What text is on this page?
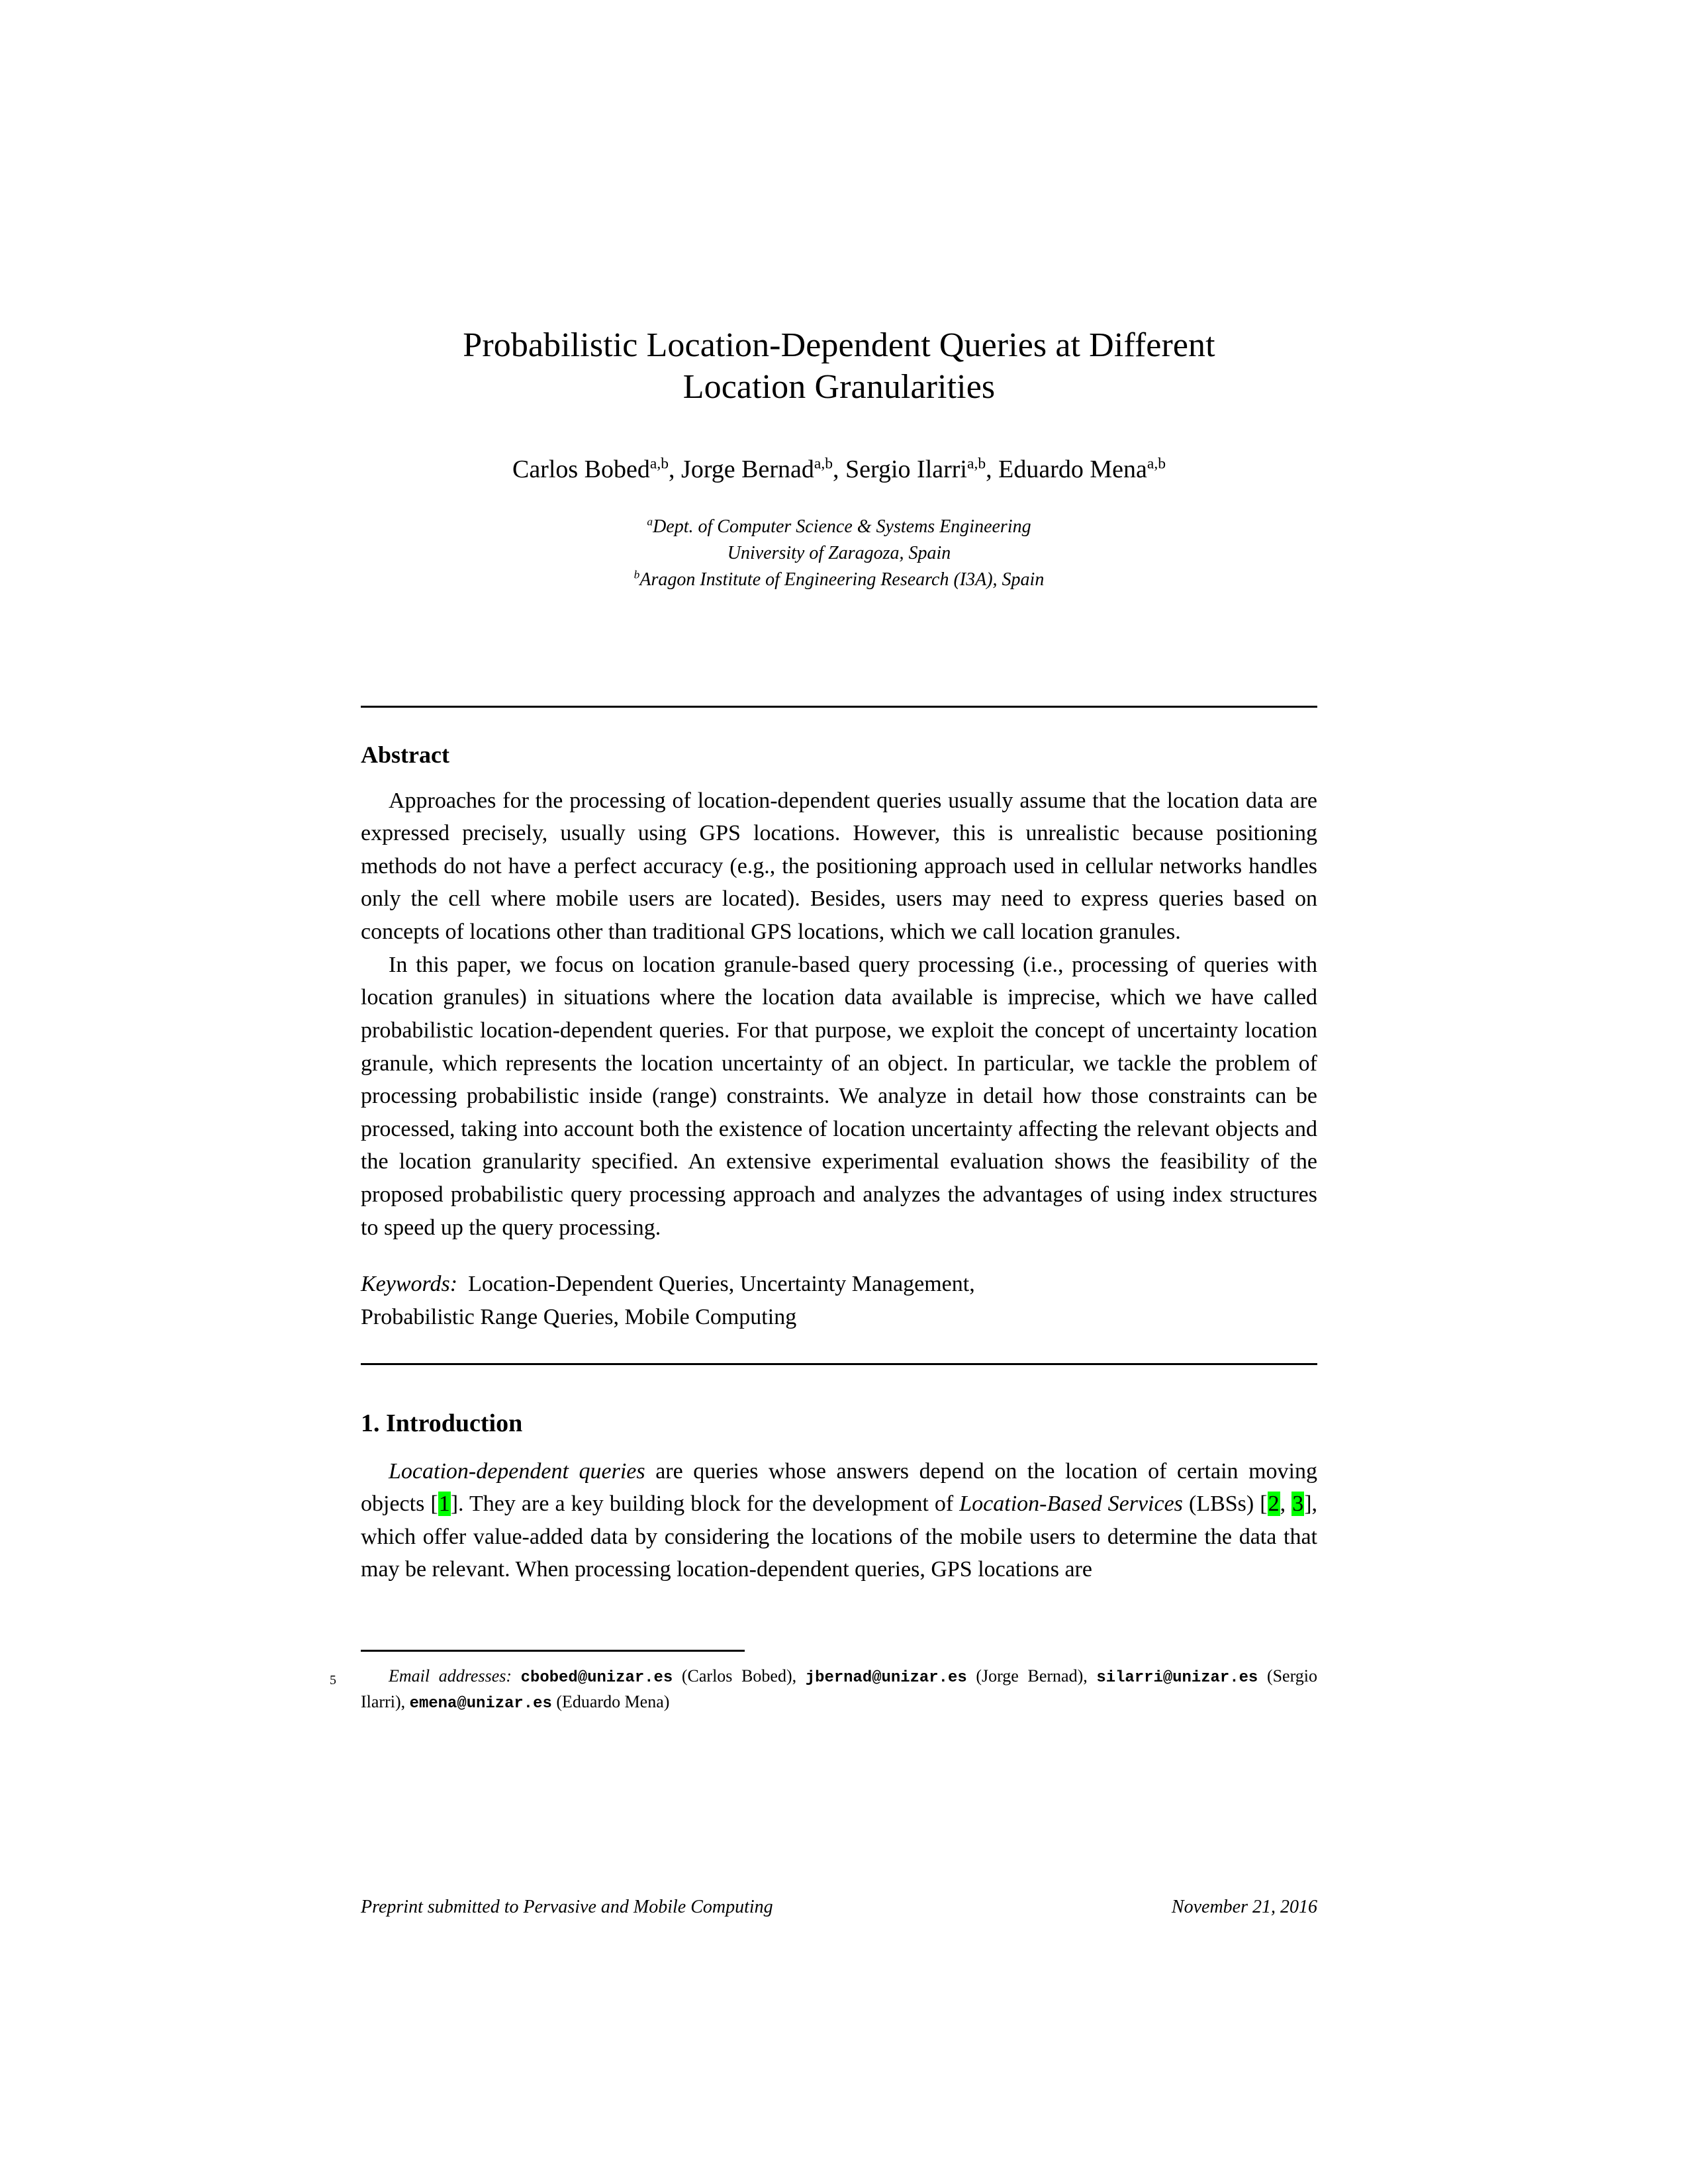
Probabilistic Location-Dependent Queries at Different
Location Granularities

Carlos Bobed$^{a,b}$, Jorge Bernad$^{a,b}$, Sergio Ilarri$^{a,b}$, Eduardo Mena$^{a,b}$

$^a$Dept. of Computer Science & Systems Engineering

University of Zaragoza, Spain

$^b$Aragon Institute of Engineering Research (I3A), Spain

Abstract

Approaches for the processing of location-dependent queries usually assume that the location data are expressed precisely, usually using GPS locations. However, this is unrealistic because positioning methods do not have a perfect accuracy (e.g., the positioning approach used in cellular networks handles only the cell where mobile users are located). Besides, users may need to express queries based on concepts of locations other than traditional GPS locations, which we call location granules.

In this paper, we focus on location granule-based query processing (i.e., processing of queries with location granules) in situations where the location data available is imprecise, which we have called probabilistic location-dependent queries. For that purpose, we exploit the concept of uncertainty location granule, which represents the location uncertainty of an object. In particular, we tackle the problem of processing probabilistic inside (range) constraints. We analyze in detail how those constraints can be processed, taking into account both the existence of location uncertainty affecting the relevant objects and the location granularity specified. An extensive experimental evaluation shows the feasibility of the proposed probabilistic query processing approach and analyzes the advantages of using index structures to speed up the query processing.

Keywords: Location-Dependent Queries, Uncertainty Management,
Probabilistic Range Queries, Mobile Computing

1. Introduction

Location-dependent queries are queries whose answers depend on the location of certain moving objects [1]. They are a key building block for the development of Location-Based Services (LBSs) [2, 3], which offer value-added data by considering the locations of the mobile users to determine the data that may be relevant. When processing location-dependent queries, GPS locations are

Email addresses: cbobed@unizar.es (Carlos Bobed), jbernad@unizar.es (Jorge Bernad), silarri@unizar.es (Sergio Ilarri), emena@unizar.es (Eduardo Mena)

5
Preprint submitted to Pervasive and Mobile Computing	November 21, 2016
